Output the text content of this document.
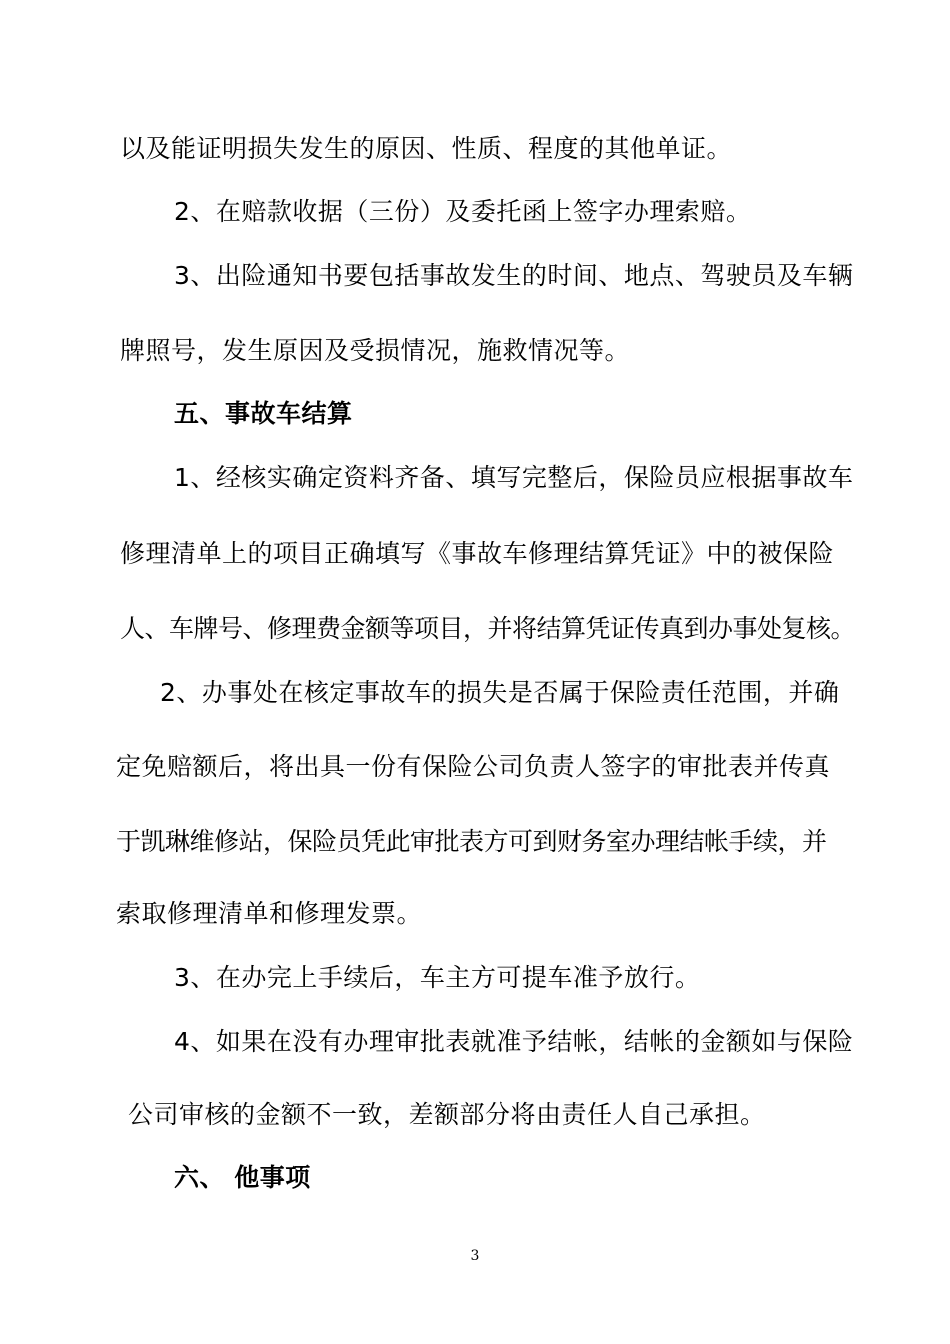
以及能证明损失发生的原因、性质、程度的其他单证。
2、在赔款收据（三份）及委托函上签字办理索赔。
3、出险通知书要包括事故发生的时间、地点、驾驶员及车辆
牌照号，发生原因及受损情况，施救情况等。
五、事故车结算
1、经核实确定资料齐备、填写完整后，保险员应根据事故车
修理清单上的项目正确填写《事故车修理结算凭证》中的被保险
人、车牌号、修理费金额等项目，并将结算凭证传真到办事处复核。
2、办事处在核定事故车的损失是否属于保险责任范围，并确
定免赔额后，将出具一份有保险公司负责人签字的审批表并传真
于凯琳维修站，保险员凭此审批表方可到财务室办理结帐手续，并
索取修理清单和修理发票。
3、在办完上手续后，车主方可提车准予放行。
4、如果在没有办理审批表就准予结帐，结帐的金额如与保险
公司审核的金额不一致，差额部分将由责任人自己承担。
六、 他事项
3
